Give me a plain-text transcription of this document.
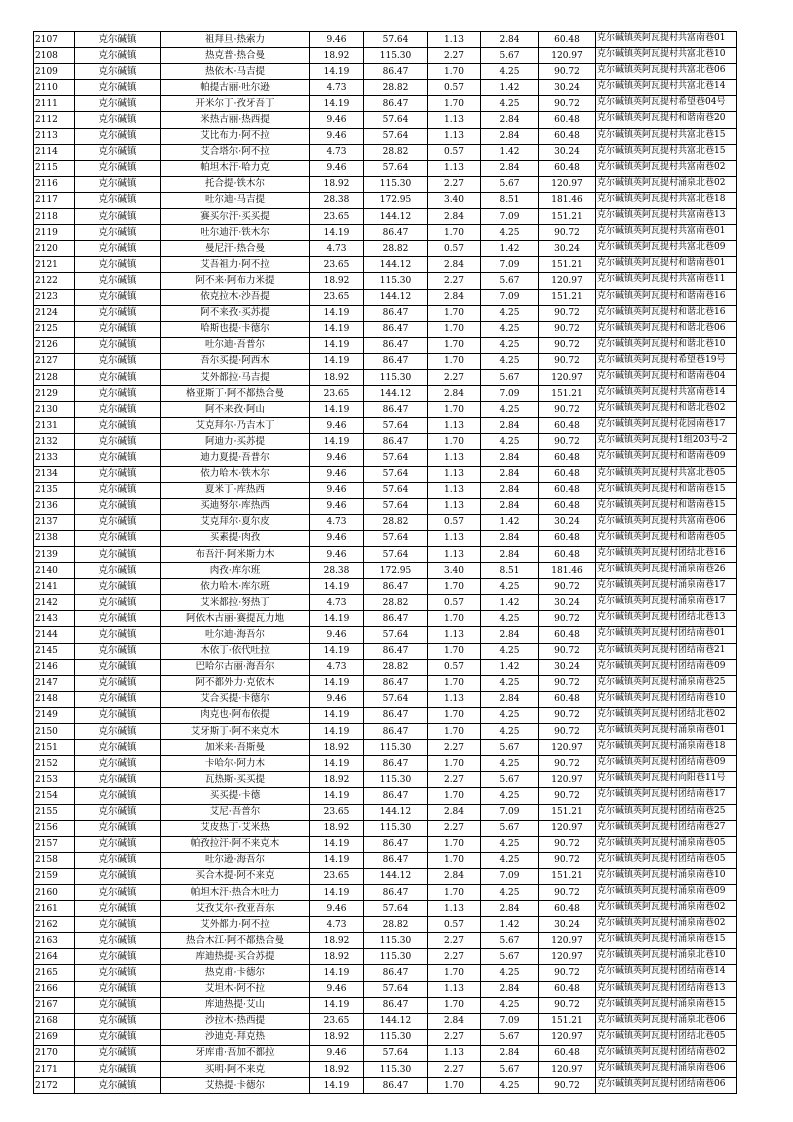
2107	克尔碱镇	祖拜旦·热索力	9.46	57.64	1.13	2.84	60.48	克尔碱镇英阿瓦提村共富南巷01
2108	克尔碱镇	热克普·热合曼	18.92	115.30	2.27	5.67	120.97	克尔碱镇英阿瓦提村共富北巷10
2109	克尔碱镇	热依木·马吉提	14.19	86.47	1.70	4.25	90.72	克尔碱镇英阿瓦提村共富北巷06
2110	克尔碱镇	帕提古丽·吐尔逊	4.73	28.82	0.57	1.42	30.24	克尔碱镇英阿瓦提村共富北巷14
2111	克尔碱镇	开米尔丁·孜牙吾丁	14.19	86.47	1.70	4.25	90.72	克尔碱镇英阿瓦提村希望巷04号
2112	克尔碱镇	米热古丽·热西提	9.46	57.64	1.13	2.84	60.48	克尔碱镇英阿瓦提村和谐南巷20
2113	克尔碱镇	艾比布力·阿不拉	9.46	57.64	1.13	2.84	60.48	克尔碱镇英阿瓦提村共富北巷15
2114	克尔碱镇	艾合塔尔·阿不拉	4.73	28.82	0.57	1.42	30.24	克尔碱镇英阿瓦提村共富北巷15
2115	克尔碱镇	帕坦木汗·哈力克	9.46	57.64	1.13	2.84	60.48	克尔碱镇英阿瓦提村共富南巷02
2116	克尔碱镇	托合提·铁木尔	18.92	115.30	2.27	5.67	120.97	克尔碱镇英阿瓦提村涌泉北巷02
2117	克尔碱镇	吐尔迪·马吉提	28.38	172.95	3.40	8.51	181.46	克尔碱镇英阿瓦提村共富北巷18
2118	克尔碱镇	赛买尔汗·买买提	23.65	144.12	2.84	7.09	151.21	克尔碱镇英阿瓦提村共富南巷13
2119	克尔碱镇	吐尔迪汗·铁木尔	14.19	86.47	1.70	4.25	90.72	克尔碱镇英阿瓦提村共富南巷01
2120	克尔碱镇	曼尼汗·热合曼	4.73	28.82	0.57	1.42	30.24	克尔碱镇英阿瓦提村共富北巷09
2121	克尔碱镇	艾吾祖力·阿不拉	23.65	144.12	2.84	7.09	151.21	克尔碱镇英阿瓦提村和谐南巷01
2122	克尔碱镇	阿不来·阿布力米提	18.92	115.30	2.27	5.67	120.97	克尔碱镇英阿瓦提村共富南巷11
2123	克尔碱镇	依克拉木·沙吾提	23.65	144.12	2.84	7.09	151.21	克尔碱镇英阿瓦提村和谐南巷16
2124	克尔碱镇	阿不来孜·买苏提	14.19	86.47	1.70	4.25	90.72	克尔碱镇英阿瓦提村和谐北巷16
2125	克尔碱镇	哈斯也提·卡德尔	14.19	86.47	1.70	4.25	90.72	克尔碱镇英阿瓦提村和谐北巷06
2126	克尔碱镇	吐尔迪·吾普尔	14.19	86.47	1.70	4.25	90.72	克尔碱镇英阿瓦提村和谐北巷10
2127	克尔碱镇	吾尔买提·阿西木	14.19	86.47	1.70	4.25	90.72	克尔碱镇英阿瓦提村希望巷19号
2128	克尔碱镇	艾外都拉·马吉提	18.92	115.30	2.27	5.67	120.97	克尔碱镇英阿瓦提村和谐南巷04
2129	克尔碱镇	格亚斯丁·阿不都热合曼	23.65	144.12	2.84	7.09	151.21	克尔碱镇英阿瓦提村共富南巷14
2130	克尔碱镇	阿不来孜·阿山	14.19	86.47	1.70	4.25	90.72	克尔碱镇英阿瓦提村和谐北巷02
2131	克尔碱镇	艾克拜尔·乃吉木丁	9.46	57.64	1.13	2.84	60.48	克尔碱镇英阿瓦提村花园南巷17
2132	克尔碱镇	阿迪力·买苏提	14.19	86.47	1.70	4.25	90.72	克尔碱镇英阿瓦提村1组203号-2
2133	克尔碱镇	迪力夏提·吾普尔	9.46	57.64	1.13	2.84	60.48	克尔碱镇英阿瓦提村和谐南巷09
2134	克尔碱镇	依力哈木·铁木尔	9.46	57.64	1.13	2.84	60.48	克尔碱镇英阿瓦提村共富北巷05
2135	克尔碱镇	夏米丁·库热西	9.46	57.64	1.13	2.84	60.48	克尔碱镇英阿瓦提村和谐南巷15
2136	克尔碱镇	买迪努尔·库热西	9.46	57.64	1.13	2.84	60.48	克尔碱镇英阿瓦提村和谐南巷15
2137	克尔碱镇	艾克拜尔·夏尔皮	4.73	28.82	0.57	1.42	30.24	克尔碱镇英阿瓦提村共富南巷06
2138	克尔碱镇	买素提·肉孜	9.46	57.64	1.13	2.84	60.48	克尔碱镇英阿瓦提村和谐南巷05
2139	克尔碱镇	布吾汗·阿米斯力木	9.46	57.64	1.13	2.84	60.48	克尔碱镇英阿瓦提村团结北巷16
2140	克尔碱镇	肉孜·库尔班	28.38	172.95	3.40	8.51	181.46	克尔碱镇英阿瓦提村涌泉南巷26
2141	克尔碱镇	依力哈木·库尔班	14.19	86.47	1.70	4.25	90.72	克尔碱镇英阿瓦提村涌泉南巷17
2142	克尔碱镇	艾米都拉·努热丁	4.73	28.82	0.57	1.42	30.24	克尔碱镇英阿瓦提村涌泉南巷17
2143	克尔碱镇	阿依木古丽·赛提瓦力地	14.19	86.47	1.70	4.25	90.72	克尔碱镇英阿瓦提村团结北巷13
2144	克尔碱镇	吐尔迪·海吾尔	9.46	57.64	1.13	2.84	60.48	克尔碱镇英阿瓦提村团结南巷01
2145	克尔碱镇	木依丁·依代吐拉	14.19	86.47	1.70	4.25	90.72	克尔碱镇英阿瓦提村团结南巷21
2146	克尔碱镇	巴哈尔古丽·海吾尔	4.73	28.82	0.57	1.42	30.24	克尔碱镇英阿瓦提村团结南巷09
2147	克尔碱镇	阿不都外力·克依木	14.19	86.47	1.70	4.25	90.72	克尔碱镇英阿瓦提村涌泉南巷25
2148	克尔碱镇	艾合买提·卡德尔	9.46	57.64	1.13	2.84	60.48	克尔碱镇英阿瓦提村团结南巷10
2149	克尔碱镇	肉克也·阿布依提	14.19	86.47	1.70	4.25	90.72	克尔碱镇英阿瓦提村团结北巷02
2150	克尔碱镇	艾牙斯丁·阿不来克木	14.19	86.47	1.70	4.25	90.72	克尔碱镇英阿瓦提村涌泉南巷01
2151	克尔碱镇	加米来·吾斯曼	18.92	115.30	2.27	5.67	120.97	克尔碱镇英阿瓦提村涌泉南巷18
2152	克尔碱镇	卡哈尔·阿力木	14.19	86.47	1.70	4.25	90.72	克尔碱镇英阿瓦提村团结南巷09
2153	克尔碱镇	瓦热斯·买买提	18.92	115.30	2.27	5.67	120.97	克尔碱镇英阿瓦提村向阳巷11号
2154	克尔碱镇	买买提·卡德	14.19	86.47	1.70	4.25	90.72	克尔碱镇英阿瓦提村团结南巷17
2155	克尔碱镇	艾尼·吾普尔	23.65	144.12	2.84	7.09	151.21	克尔碱镇英阿瓦提村团结南巷25
2156	克尔碱镇	艾皮热丁·艾米热	18.92	115.30	2.27	5.67	120.97	克尔碱镇英阿瓦提村团结南巷27
2157	克尔碱镇	帕孜拉汗·阿不来克木	14.19	86.47	1.70	4.25	90.72	克尔碱镇英阿瓦提村涌泉南巷05
2158	克尔碱镇	吐尔逊·海吾尔	14.19	86.47	1.70	4.25	90.72	克尔碱镇英阿瓦提村团结南巷05
2159	克尔碱镇	买合木提·阿不来克	23.65	144.12	2.84	7.09	151.21	克尔碱镇英阿瓦提村涌泉南巷10
2160	克尔碱镇	帕坦木汗·热合木吐力	14.19	86.47	1.70	4.25	90.72	克尔碱镇英阿瓦提村涌泉南巷09
2161	克尔碱镇	艾孜艾尔·孜亚吾东	9.46	57.64	1.13	2.84	60.48	克尔碱镇英阿瓦提村涌泉南巷02
2162	克尔碱镇	艾外都力·阿不拉	4.73	28.82	0.57	1.42	30.24	克尔碱镇英阿瓦提村涌泉南巷02
2163	克尔碱镇	热合木江·阿不都热合曼	18.92	115.30	2.27	5.67	120.97	克尔碱镇英阿瓦提村涌泉南巷15
2164	克尔碱镇	库迪热提·买合苏提	18.92	115.30	2.27	5.67	120.97	克尔碱镇英阿瓦提村涌泉北巷10
2165	克尔碱镇	热克甫·卡德尔	14.19	86.47	1.70	4.25	90.72	克尔碱镇英阿瓦提村团结南巷14
2166	克尔碱镇	艾坦木·阿不拉	9.46	57.64	1.13	2.84	60.48	克尔碱镇英阿瓦提村团结南巷13
2167	克尔碱镇	库迪热提·艾山	14.19	86.47	1.70	4.25	90.72	克尔碱镇英阿瓦提村涌泉南巷15
2168	克尔碱镇	沙拉木·热西提	23.65	144.12	2.84	7.09	151.21	克尔碱镇英阿瓦提村涌泉北巷06
2169	克尔碱镇	沙迪克·拜克热	18.92	115.30	2.27	5.67	120.97	克尔碱镇英阿瓦提村团结北巷05
2170	克尔碱镇	牙库甫·吾加不都拉	9.46	57.64	1.13	2.84	60.48	克尔碱镇英阿瓦提村团结南巷02
2171	克尔碱镇	买明·阿不来克	18.92	115.30	2.27	5.67	120.97	克尔碱镇英阿瓦提村涌泉南巷06
2172	克尔碱镇	艾热提·卡德尔	14.19	86.47	1.70	4.25	90.72	克尔碱镇英阿瓦提村团结南巷06
